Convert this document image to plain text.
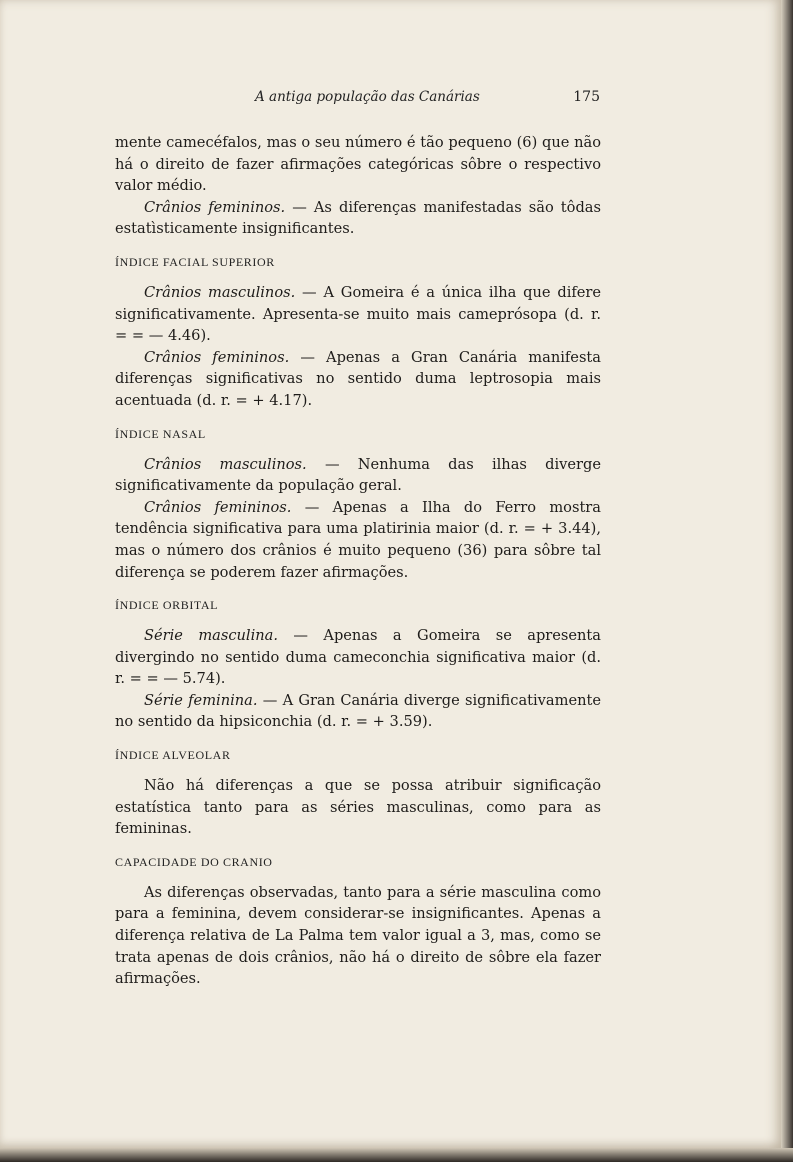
A antiga população das Canárias	175

mente camecéfalos, mas o seu número é tão pequeno (6) que não há o direito de fazer afirmações categóricas sôbre o respectivo valor médio.

Crânios femininos. — As diferenças manifestadas são tôdas estatìsticamente insignificantes.

ÍNDICE FACIAL SUPERIOR

Crânios masculinos. — A Gomeira é a única ilha que difere significativamente. Apresenta-se muito mais cameprósopa (d. r. = = — 4.46).

Crânios femininos. — Apenas a Gran Canária manifesta diferenças significativas no sentido duma leptrosopia mais acentuada (d. r. = + 4.17).

ÍNDICE NASAL

Crânios masculinos. — Nenhuma das ilhas diverge significativamente da população geral.

Crânios femininos. — Apenas a Ilha do Ferro mostra tendência significativa para uma platirinia maior (d. r. = + 3.44), mas o número dos crânios é muito pequeno (36) para sôbre tal diferença se poderem fazer afirmações.

ÍNDICE ORBITAL

Série masculina. — Apenas a Gomeira se apresenta divergindo no sentido duma cameconchia significativa maior (d. r. = = — 5.74).

Série feminina. — A Gran Canária diverge significativamente no sentido da hipsiconchia (d. r. = + 3.59).

ÍNDICE ALVEOLAR

Não há diferenças a que se possa atribuir significação estatística tanto para as séries masculinas, como para as femininas.

CAPACIDADE DO CRANIO

As diferenças observadas, tanto para a série masculina como para a feminina, devem considerar-se insignificantes. Apenas a diferença relativa de La Palma tem valor igual a 3, mas, como se trata apenas de dois crânios, não há o direito de sôbre ela fazer afirmações.
